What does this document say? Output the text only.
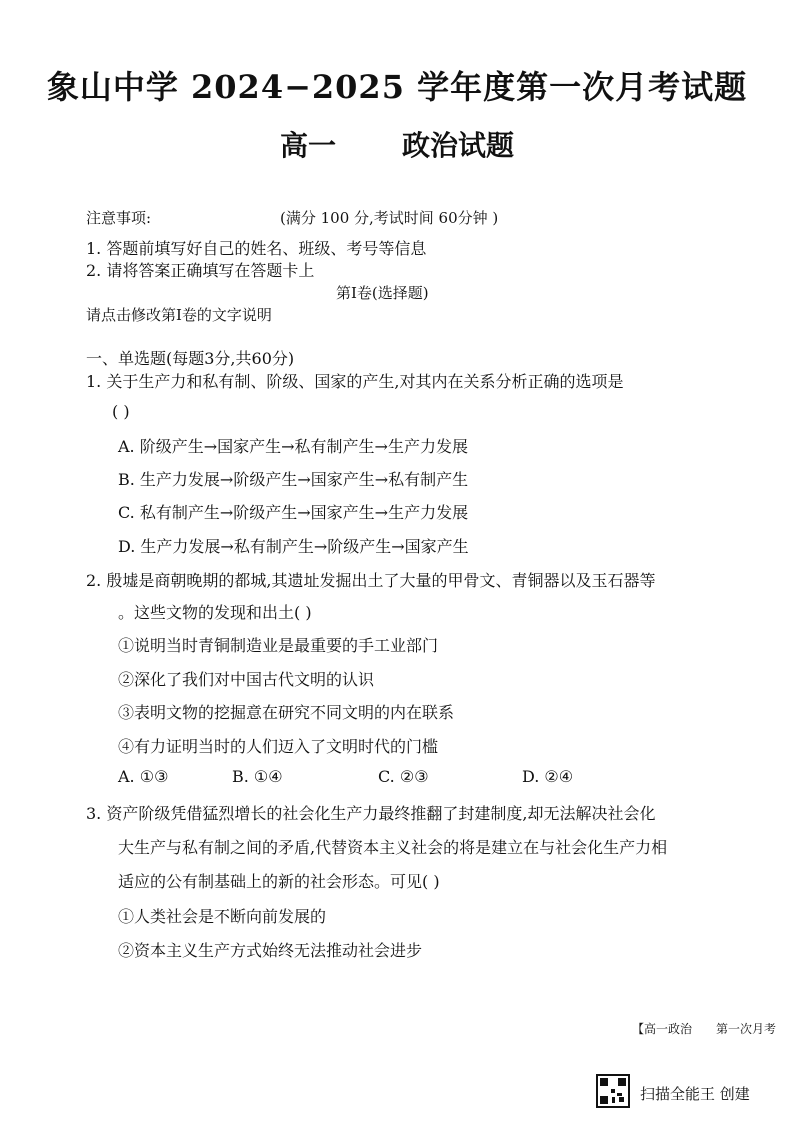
象山中学 2024−2025 学年度第一次月考试题
高一 政治试题
注意事项:	(满分 100 分,考试时间 60分钟 )
1. 答题前填写好自己的姓名、班级、考号等信息
2. 请将答案正确填写在答题卡上
第I卷(选择题)
请点击修改第I卷的文字说明
一、单选题(每题3分,共60分)
1. 关于生产力和私有制、阶级、国家的产生,对其内在关系分析正确的选项是
( )
A. 阶级产生→国家产生→私有制产生→生产力发展
B. 生产力发展→阶级产生→国家产生→私有制产生
C. 私有制产生→阶级产生→国家产生→生产力发展
D. 生产力发展→私有制产生→阶级产生→国家产生
2. 殷墟是商朝晚期的都城,其遗址发掘出土了大量的甲骨文、青铜器以及玉石器等
。这些文物的发现和出土( )
①说明当时青铜制造业是最重要的手工业部门
②深化了我们对中国古代文明的认识
③表明文物的挖掘意在研究不同文明的内在联系
④有力证明当时的人们迈入了文明时代的门槛
A. ①③	B. ①④	C. ②③	D. ②④
3. 资产阶级凭借猛烈增长的社会化生产力最终推翻了封建制度,却无法解决社会化
大生产与私有制之间的矛盾,代替资本主义社会的将是建立在与社会化生产力相
适应的公有制基础上的新的社会形态。可见( )
①人类社会是不断向前发展的
②资本主义生产方式始终无法推动社会进步
【高一政治 第一次月考
扫描全能王 创建
